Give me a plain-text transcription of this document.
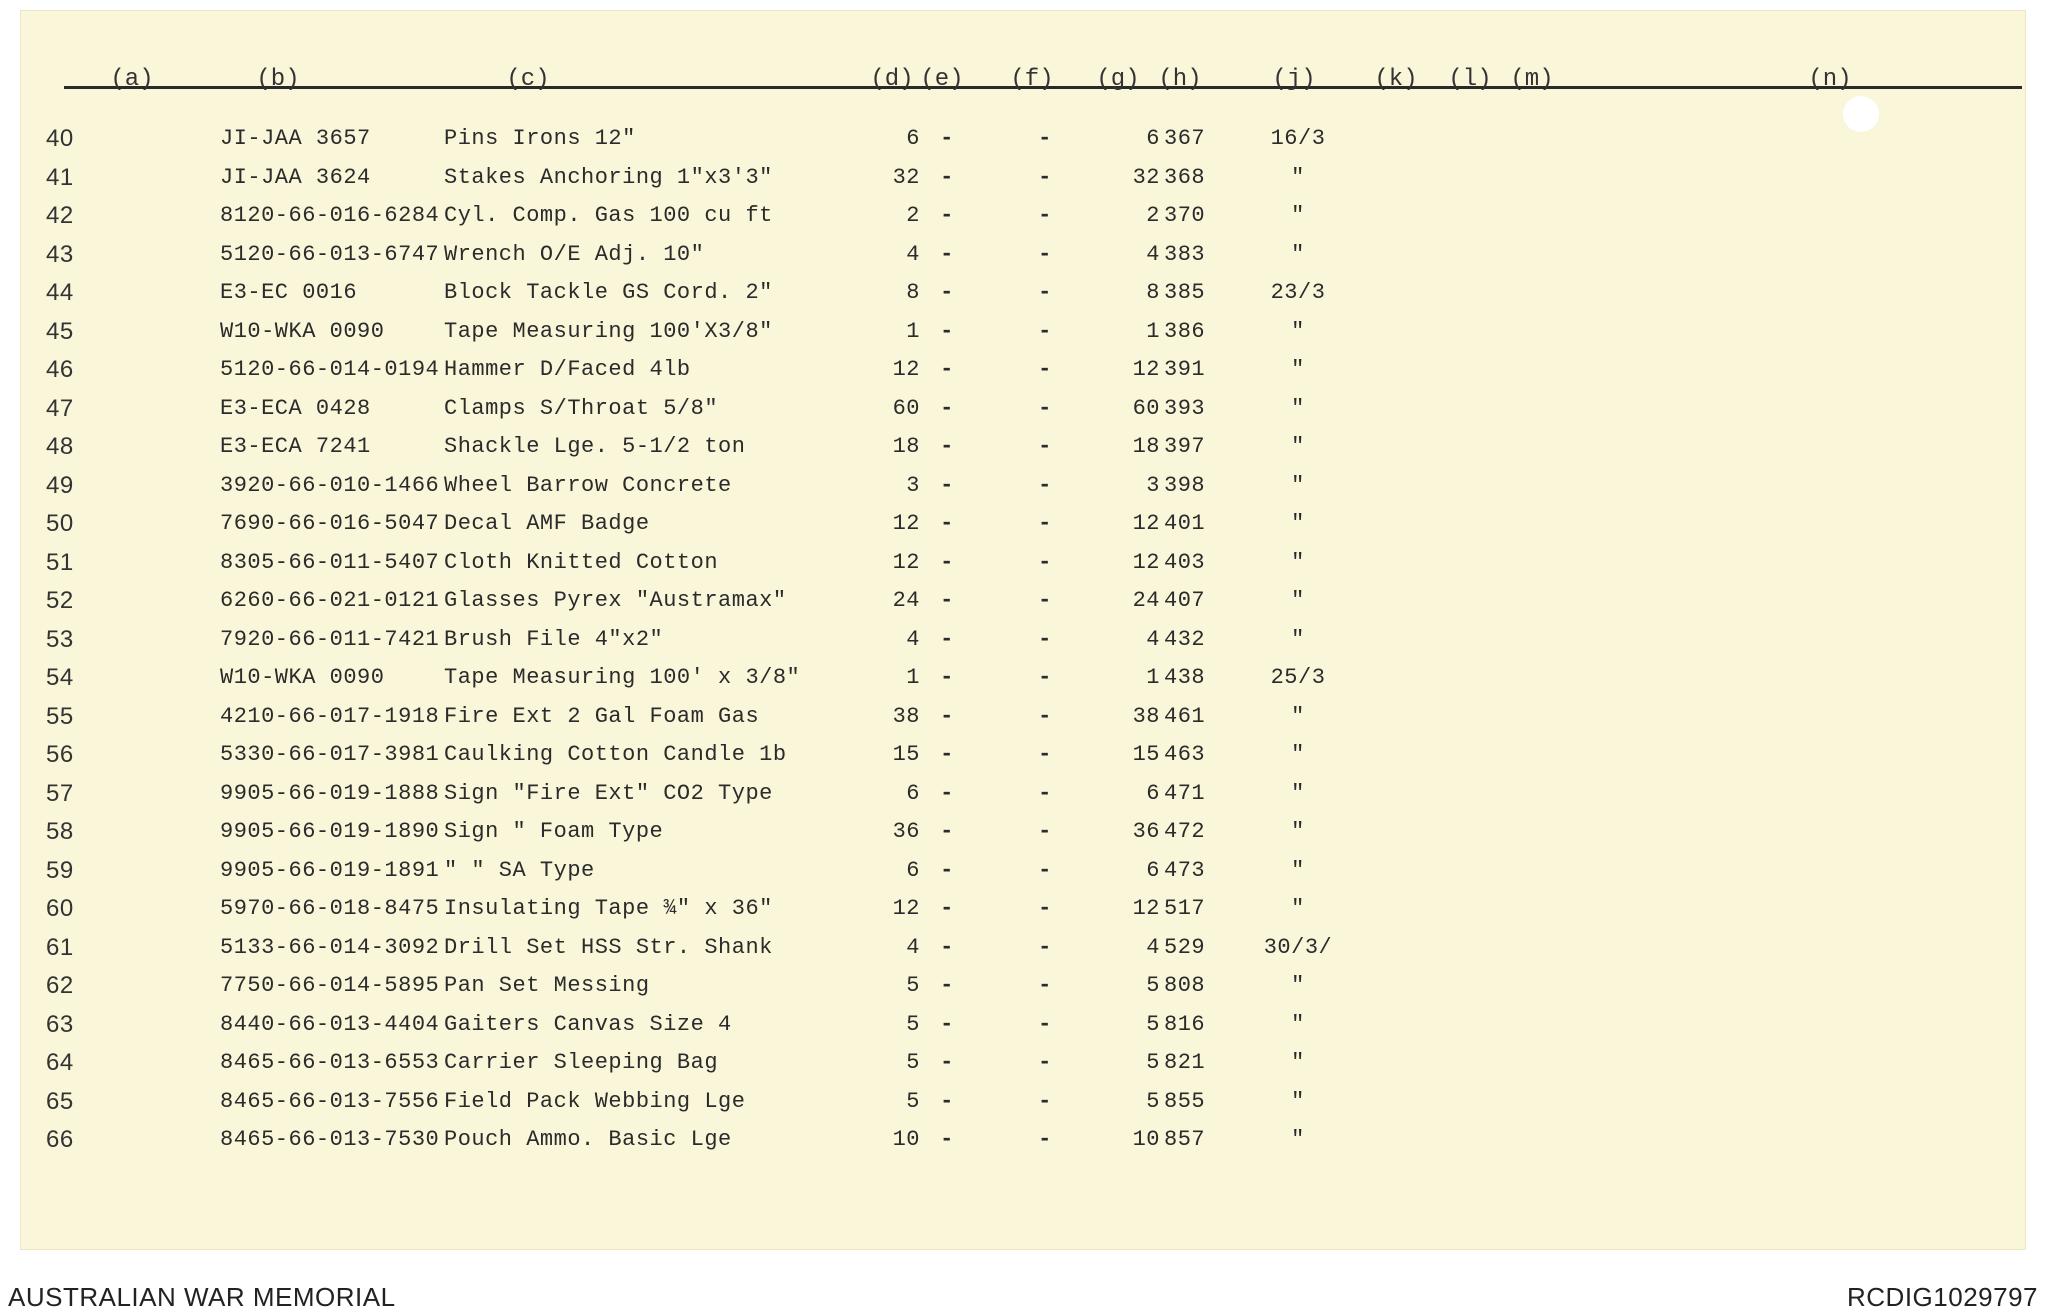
(a)	(b)	(c)	(d) (e) (f) (g) (h)	(j) (k) (l) (m)	(n)
40	JI-JAA 3657	Pins Irons 12"	6 -	-	6 367	16/3
41	JI-JAA 3624	Stakes Anchoring 1"x3'3"	32 -	-	32 368	"
42	8120-66-016-6284 Cyl. Comp. Gas 100 cu ft	2 -	-	2 370	"
43	5120-66-013-6747 Wrench O/E Adj. 10"	4 -	-	4 383	"
44	E3-EC 0016	Block Tackle GS Cord. 2"	8 -	-	8 385	23/3
45	W10-WKA 0090	Tape Measuring 100'X3/8"	1 -	-	1 386	"
46	5120-66-014-0194 Hammer D/Faced 4lb	12 -	-	12 391	"
47	E3-ECA 0428	Clamps S/Throat 5/8"	60 -	-	60 393	"
48	E3-ECA 7241	Shackle Lge. 5-1/2 ton	18 -	-	18 397	"
49	3920-66-010-1466 Wheel Barrow Concrete	3 -	-	3 398	"
50	7690-66-016-5047 Decal AMF Badge	12 -	-	12 401	"
51	8305-66-011-5407 Cloth Knitted Cotton	12 -	-	12 403	"
52	6260-66-021-0121 Glasses Pyrex "Austramax"	24 -	-	24 407	"
53	7920-66-011-7421 Brush File 4"x2"	4 -	-	4 432	"
54	W10-WKA 0090	Tape Measuring 100' x 3/8"	1 -	-	1 438	25/3
55	4210-66-017-1918 Fire Ext 2 Gal Foam Gas	38 -	-	38 461	"
56	5330-66-017-3981 Caulking Cotton Candle 1b	15 -	-	15 463	"
57	9905-66-019-1888 Sign "Fire Ext" CO2 Type	6 -	-	6 471	"
58	9905-66-019-1890 Sign " Foam Type	36 -	-	36 472	"
59	9905-66-019-1891 " " SA Type	6 -	-	6 473	"
60	5970-66-018-8475 Insulating Tape ¾" x 36"	12 -	-	12 517	"
61	5133-66-014-3092 Drill Set HSS Str. Shank	4 -	-	4 529	30/3/
62	7750-66-014-5895 Pan Set Messing	5 -	-	5 808	"
63	8440-66-013-4404 Gaiters Canvas Size 4	5 -	-	5 816	"
64	8465-66-013-6553 Carrier Sleeping Bag	5 -	-	5 821	"
65	8465-66-013-7556 Field Pack Webbing Lge	5 -	-	5 855	"
66	8465-66-013-7530 Pouch Ammo. Basic Lge	10 -	-	10 857	"
AUSTRALIAN WAR MEMORIAL	RCDIG1029797
